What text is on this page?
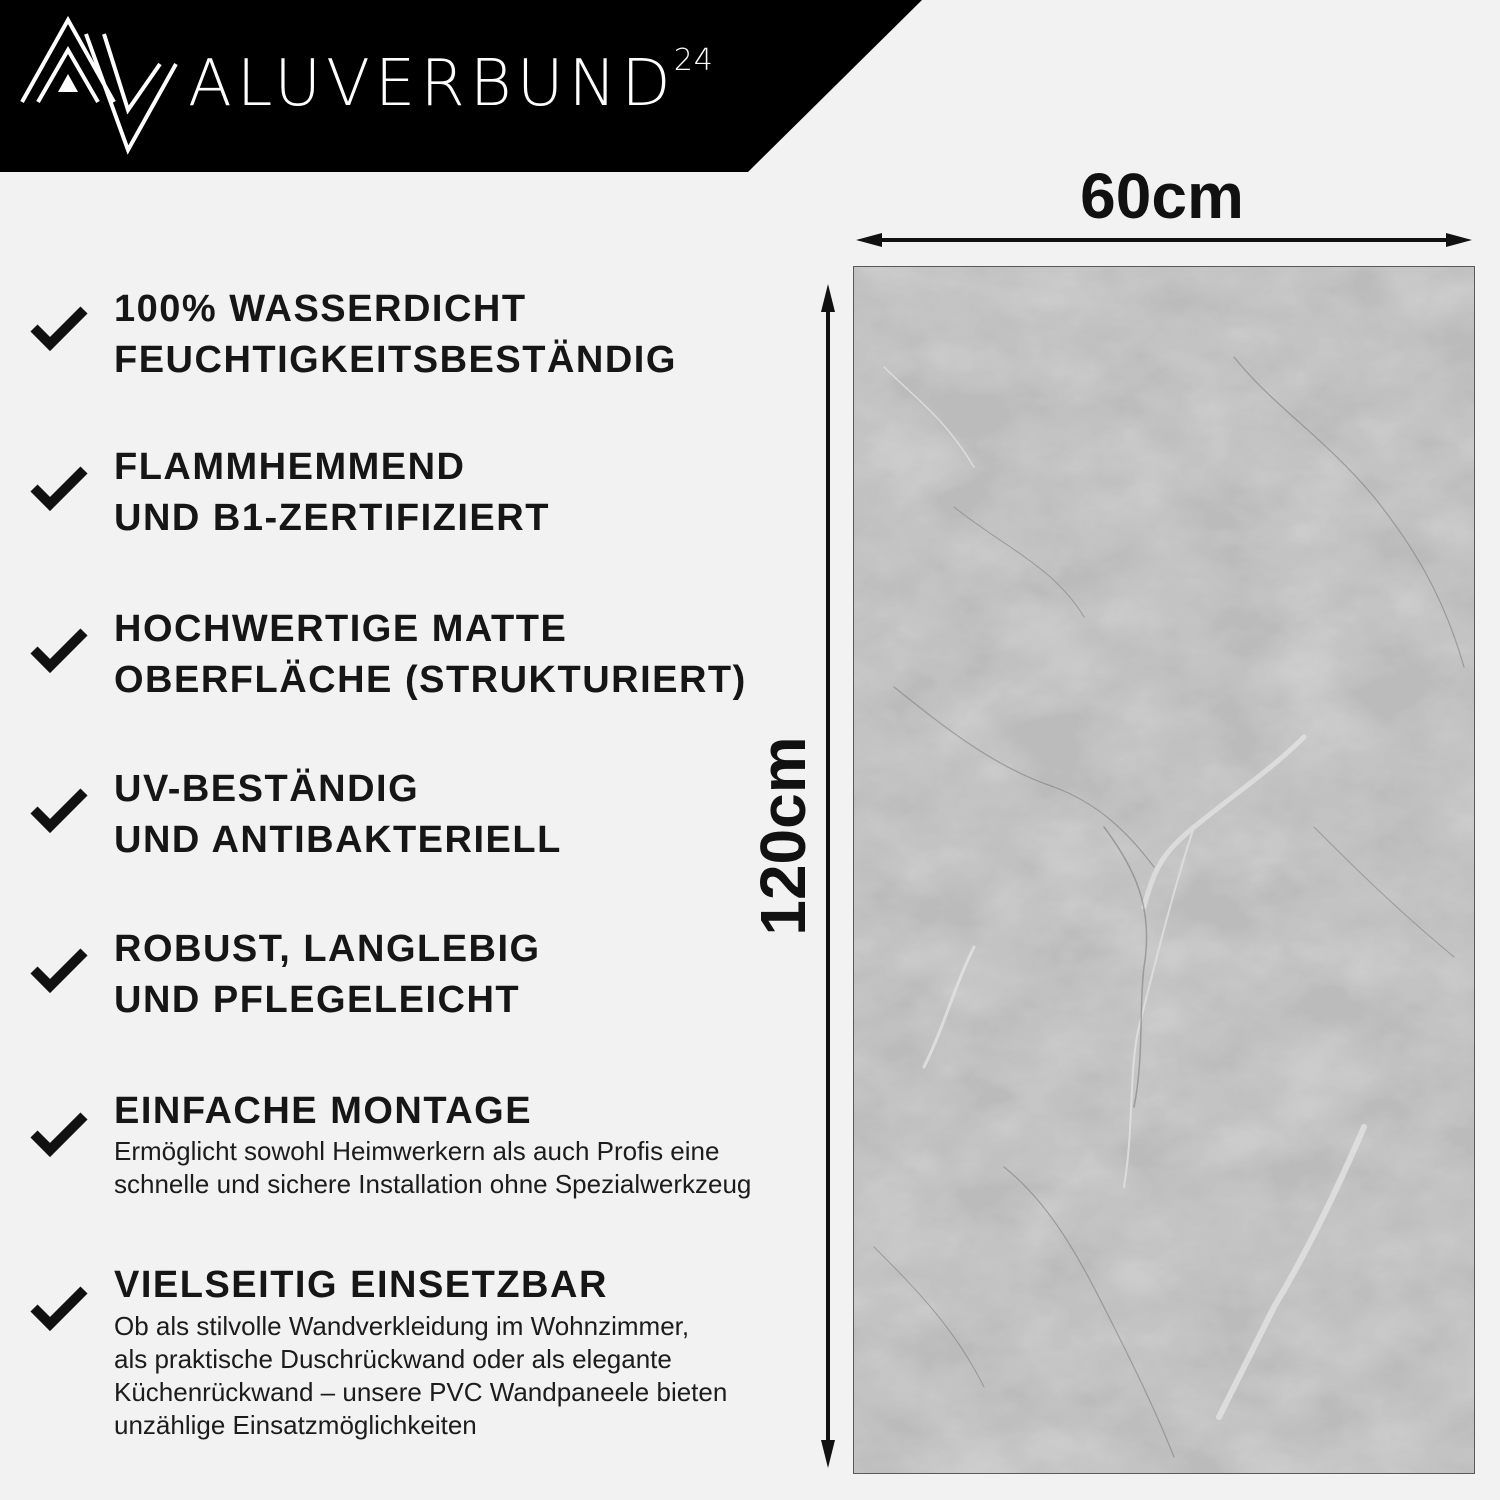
ALUVERBUND$^{24}$
100% WASSERDICHT
FEUCHTIGKEITSBESTÄNDIG
FLAMMHEMMEND
UND B1-ZERTIFIZIERT
HOCHWERTIGE MATTE
OBERFLÄCHE (STRUKTURIERT)
UV-BESTÄNDIG
UND ANTIBAKTERIELL
ROBUST, LANGLEBIG
UND PFLEGELEICHT
EINFACHE MONTAGE
Ermöglicht sowohl Heimwerkern als auch Profis eine
schnelle und sichere Installation ohne Spezialwerkzeug
VIELSEITIG EINSETZBAR
Ob als stilvolle Wandverkleidung im Wohnzimmer,
als praktische Duschrückwand oder als elegante
Küchenrückwand – unsere PVC Wandpaneele bieten
unzählige Einsatzmöglichkeiten
60cm
120cm
